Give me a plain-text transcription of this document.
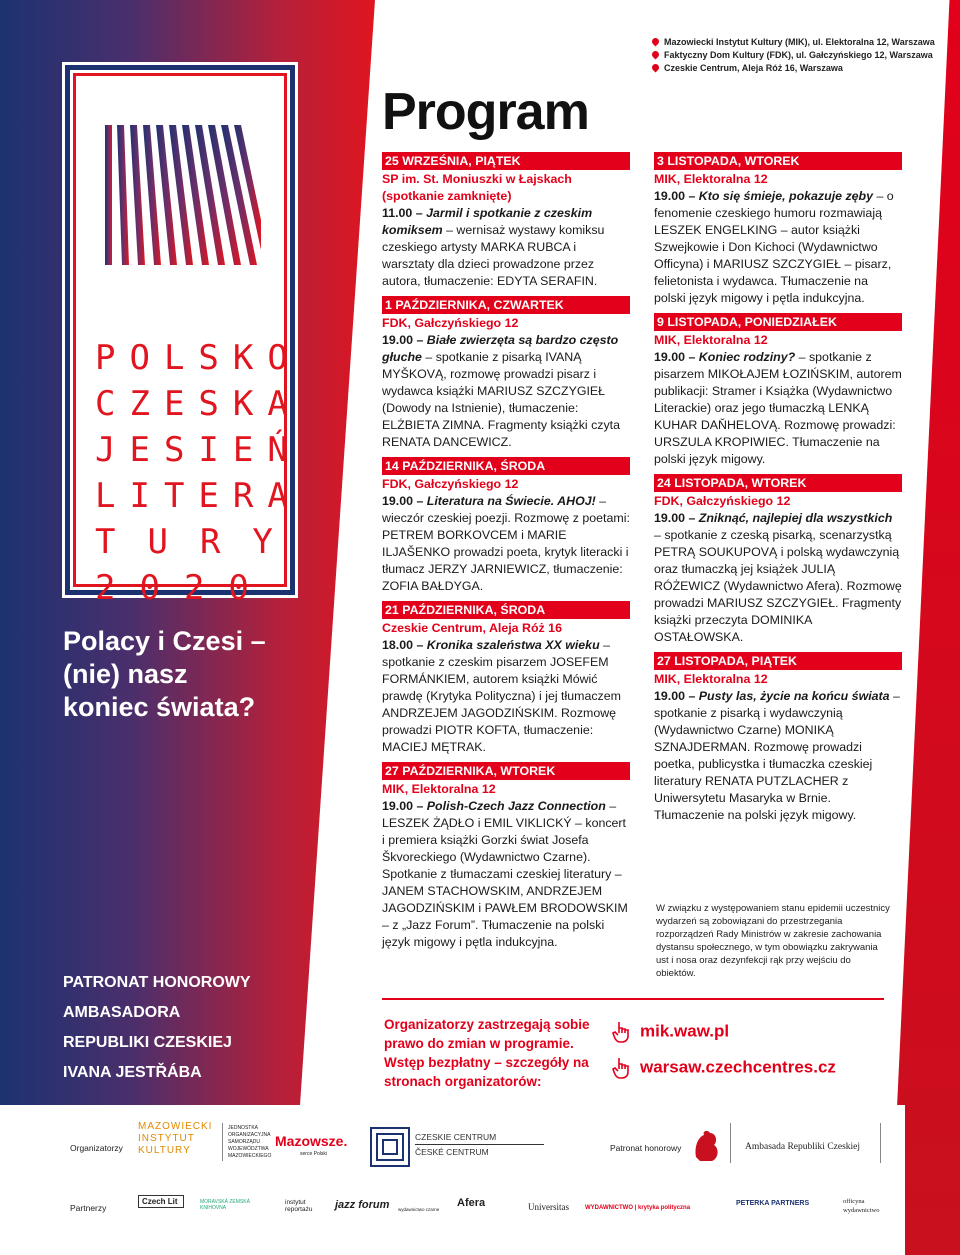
POLSKO
CZESKA
JESIEŃ
LITERA
TURY
2020
Polacy i Czesi –
(nie) nasz
koniec świata?
PATRONAT HONOROWY
AMBASADORA
REPUBLIKI CZESKIEJ
IVANA JESTŘÁBA
Mazowiecki Instytut Kultury (MIK), ul. Elektoralna 12, Warszawa
Faktyczny Dom Kultury (FDK), ul. Gałczyńskiego 12, Warszawa
Czeskie Centrum, Aleja Róż 16, Warszawa
Program
25 WRZEŚNIA, PIĄTEK
SP im. St. Moniuszki w Łajskach (spotkanie zamknięte)
11.00 – Jarmil i spotkanie z czeskim komiksem – wernisaż wystawy komiksu czeskiego artysty MARKA RUBCA i warsztaty dla dzieci prowadzone przez autora, tłumaczenie: EDYTA SERAFIN.
1 PAŹDZIERNIKA, CZWARTEK
FDK, Gałczyńskiego 12
19.00 – Białe zwierzęta są bardzo często głuche – spotkanie z pisarką IVANĄ MYŠKOVĄ, rozmowę prowadzi pisarz i wydawca książki MARIUSZ SZCZYGIEŁ (Dowody na Istnienie), tłumaczenie: ELŻBIETA ZIMNA. Fragmenty książki czyta RENATA DANCEWICZ.
14 PAŹDZIERNIKA, ŚRODA
FDK, Gałczyńskiego 12
19.00 – Literatura na Świecie. AHOJ! – wieczór czeskiej poezji. Rozmowę z poetami: PETREM BORKOVCEM i MARIE ILJAŠENKO prowadzi poeta, krytyk literacki i tłumacz JERZY JARNIEWICZ, tłumaczenie: ZOFIA BAŁDYGA.
21 PAŹDZIERNIKA, ŚRODA
Czeskie Centrum, Aleja Róż 16
18.00 – Kronika szaleństwa XX wieku – spotkanie z czeskim pisarzem JOSEFEM FORMÁNKIEM, autorem książki Mówić prawdę (Krytyka Polityczna) i jej tłumaczem ANDRZEJEM JAGODZIŃSKIM. Rozmowę prowadzi PIOTR KOFTA, tłumaczenie: MACIEJ MĘTRAK.
27 PAŹDZIERNIKA, WTOREK
MIK, Elektoralna 12
19.00 – Polish-Czech Jazz Connection – LESZEK ŻĄDŁO i EMIL VIKLICKÝ – koncert i premiera książki Gorzki świat Josefa Škvoreckiego (Wydawnictwo Czarne). Spotkanie z tłumaczami czeskiej literatury – JANEM STACHOWSKIM, ANDRZEJEM JAGODZIŃSKIM i PAWŁEM BRODOWSKIM – z „Jazz Forum”. Tłumaczenie na polski język migowy i pętla indukcyjna.
3 LISTOPADA, WTOREK
MIK, Elektoralna 12
19.00 – Kto się śmieje, pokazuje zęby – o fenomenie czeskiego humoru rozmawiają LESZEK ENGELKING – autor książki Szwejkowie i Don Kichoci (Wydawnictwo Officyna) i MARIUSZ SZCZYGIEŁ – pisarz, felietonista i wydawca. Tłumaczenie na polski język migowy i pętla indukcyjna.
9 LISTOPADA, PONIEDZIAŁEK
MIK, Elektoralna 12
19.00 – Koniec rodziny? – spotkanie z pisarzem MIKOŁAJEM ŁOZIŃSKIM, autorem publikacji: Stramer i Książka (Wydawnictwo Literackie) oraz jego tłumaczką LENKĄ KUHAR DAŇHELOVĄ. Rozmowę prowadzi: URSZULA KROPIWIEC. Tłumaczenie na polski język migowy.
24 LISTOPADA, WTOREK
FDK, Gałczyńskiego 12
19.00 – Zniknąć, najlepiej dla wszystkich – spotkanie z czeską pisarką, scenarzystką PETRĄ SOUKUPOVĄ i polską wydawczynią oraz tłumaczką jej książek JULIĄ RÓŻEWICZ (Wydawnictwo Afera). Rozmowę prowadzi MARIUSZ SZCZYGIEŁ. Fragmenty książki przeczyta DOMINIKA OSTAŁOWSKA.
27 LISTOPADA, PIĄTEK
MIK, Elektoralna 12
19.00 – Pusty las, życie na końcu świata – spotkanie z pisarką i wydawczynią (Wydawnictwo Czarne) MONIKĄ SZNAJDERMAN. Rozmowę prowadzi poetka, publicystka i tłumaczka czeskiej literatury RENATA PUTZLACHER z Uniwersytetu Masaryka w Brnie. Tłumaczenie na polski język migowy.
W związku z występowaniem stanu epidemii uczestnicy wydarzeń są zobowiązani do przestrzegania rozporządzeń Rady Ministrów w zakresie zachowania dystansu społecznego, w tym obowiązku zakrywania ust i nosa oraz dezynfekcji rąk przy wejściu do obiektów.
Organizatorzy zastrzegają sobie prawo do zmian w programie. Wstęp bezpłatny – szczegóły na stronach organizatorów:
mik.waw.pl
warsaw.czechcentres.cz
Organizatorzy
MAZOWIECKI
INSTYTUT
KULTURY
JEDNOSTKA ORGANIZACYJNA SAMORZĄDU WOJEWÓDZTWA MAZOWIECKIEGO
Mazowsze.
serce Polski
CZESKIE CENTRUM
ČESKÉ CENTRUM	Patronat honorowy	Ambasada Republiki Czeskiej
Partnerzy
Czech Lit	MORAVSKÁ ZEMSKÁ KNIHOVNA
instytut reportażu	jazz forum wydawnictwo czarne
Afera	Universitas	WYDAWNICTWO | krytyka polityczna
PETERKA PARTNERS	officyna wydawnictwo
